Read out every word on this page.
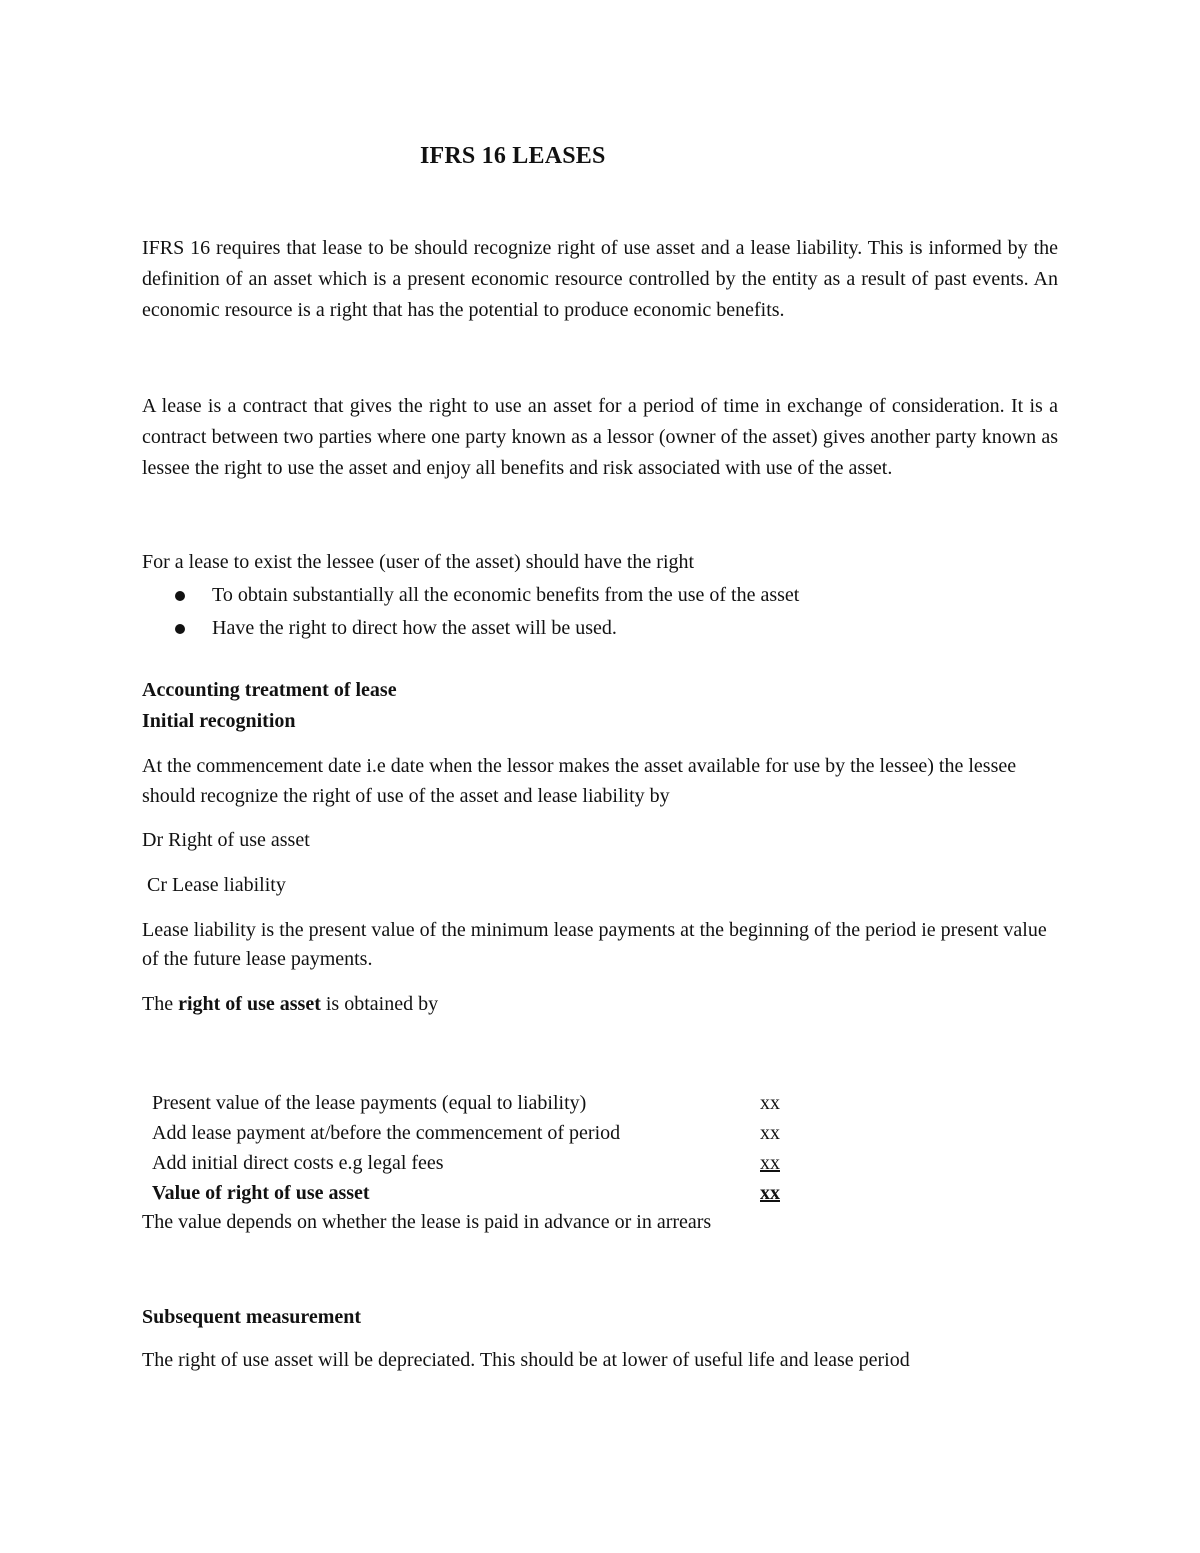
IFRS 16 LEASES

IFRS 16 requires that lease to be should recognize right of use asset and a lease liability. This is informed by the definition of an asset which is a present economic resource controlled by the entity as a result of past events. An economic resource is a right that has the potential to produce economic benefits.

A lease is a contract that gives the right to use an asset for a period of time in exchange of consideration. It is a contract between two parties where one party known as a lessor (owner of the asset) gives another party known as lessee the right to use the asset and enjoy all benefits and risk associated with use of the asset.

For a lease to exist the lessee (user of the asset) should have the right

To obtain substantially all the economic benefits from the use of the asset
Have the right to direct how the asset will be used.

Accounting treatment of lease

Initial recognition

At the commencement date i.e date when the lessor makes the asset available for use by the lessee) the lessee should recognize the right of use of the asset and lease liability by

Dr Right of use asset

Cr Lease liability

Lease liability is the present value of the minimum lease payments at the beginning of the period ie present value of the future lease payments.

The right of use asset is obtained by

Present value of the lease payments (equal to liability)	xx
Add lease payment at/before the commencement of period	xx
Add initial direct costs e.g legal fees	xx
Value of right of use asset	xx

The value depends on whether the lease is paid in advance or in arrears

Subsequent measurement

The right of use asset will be depreciated. This should be at lower of useful life and lease period
